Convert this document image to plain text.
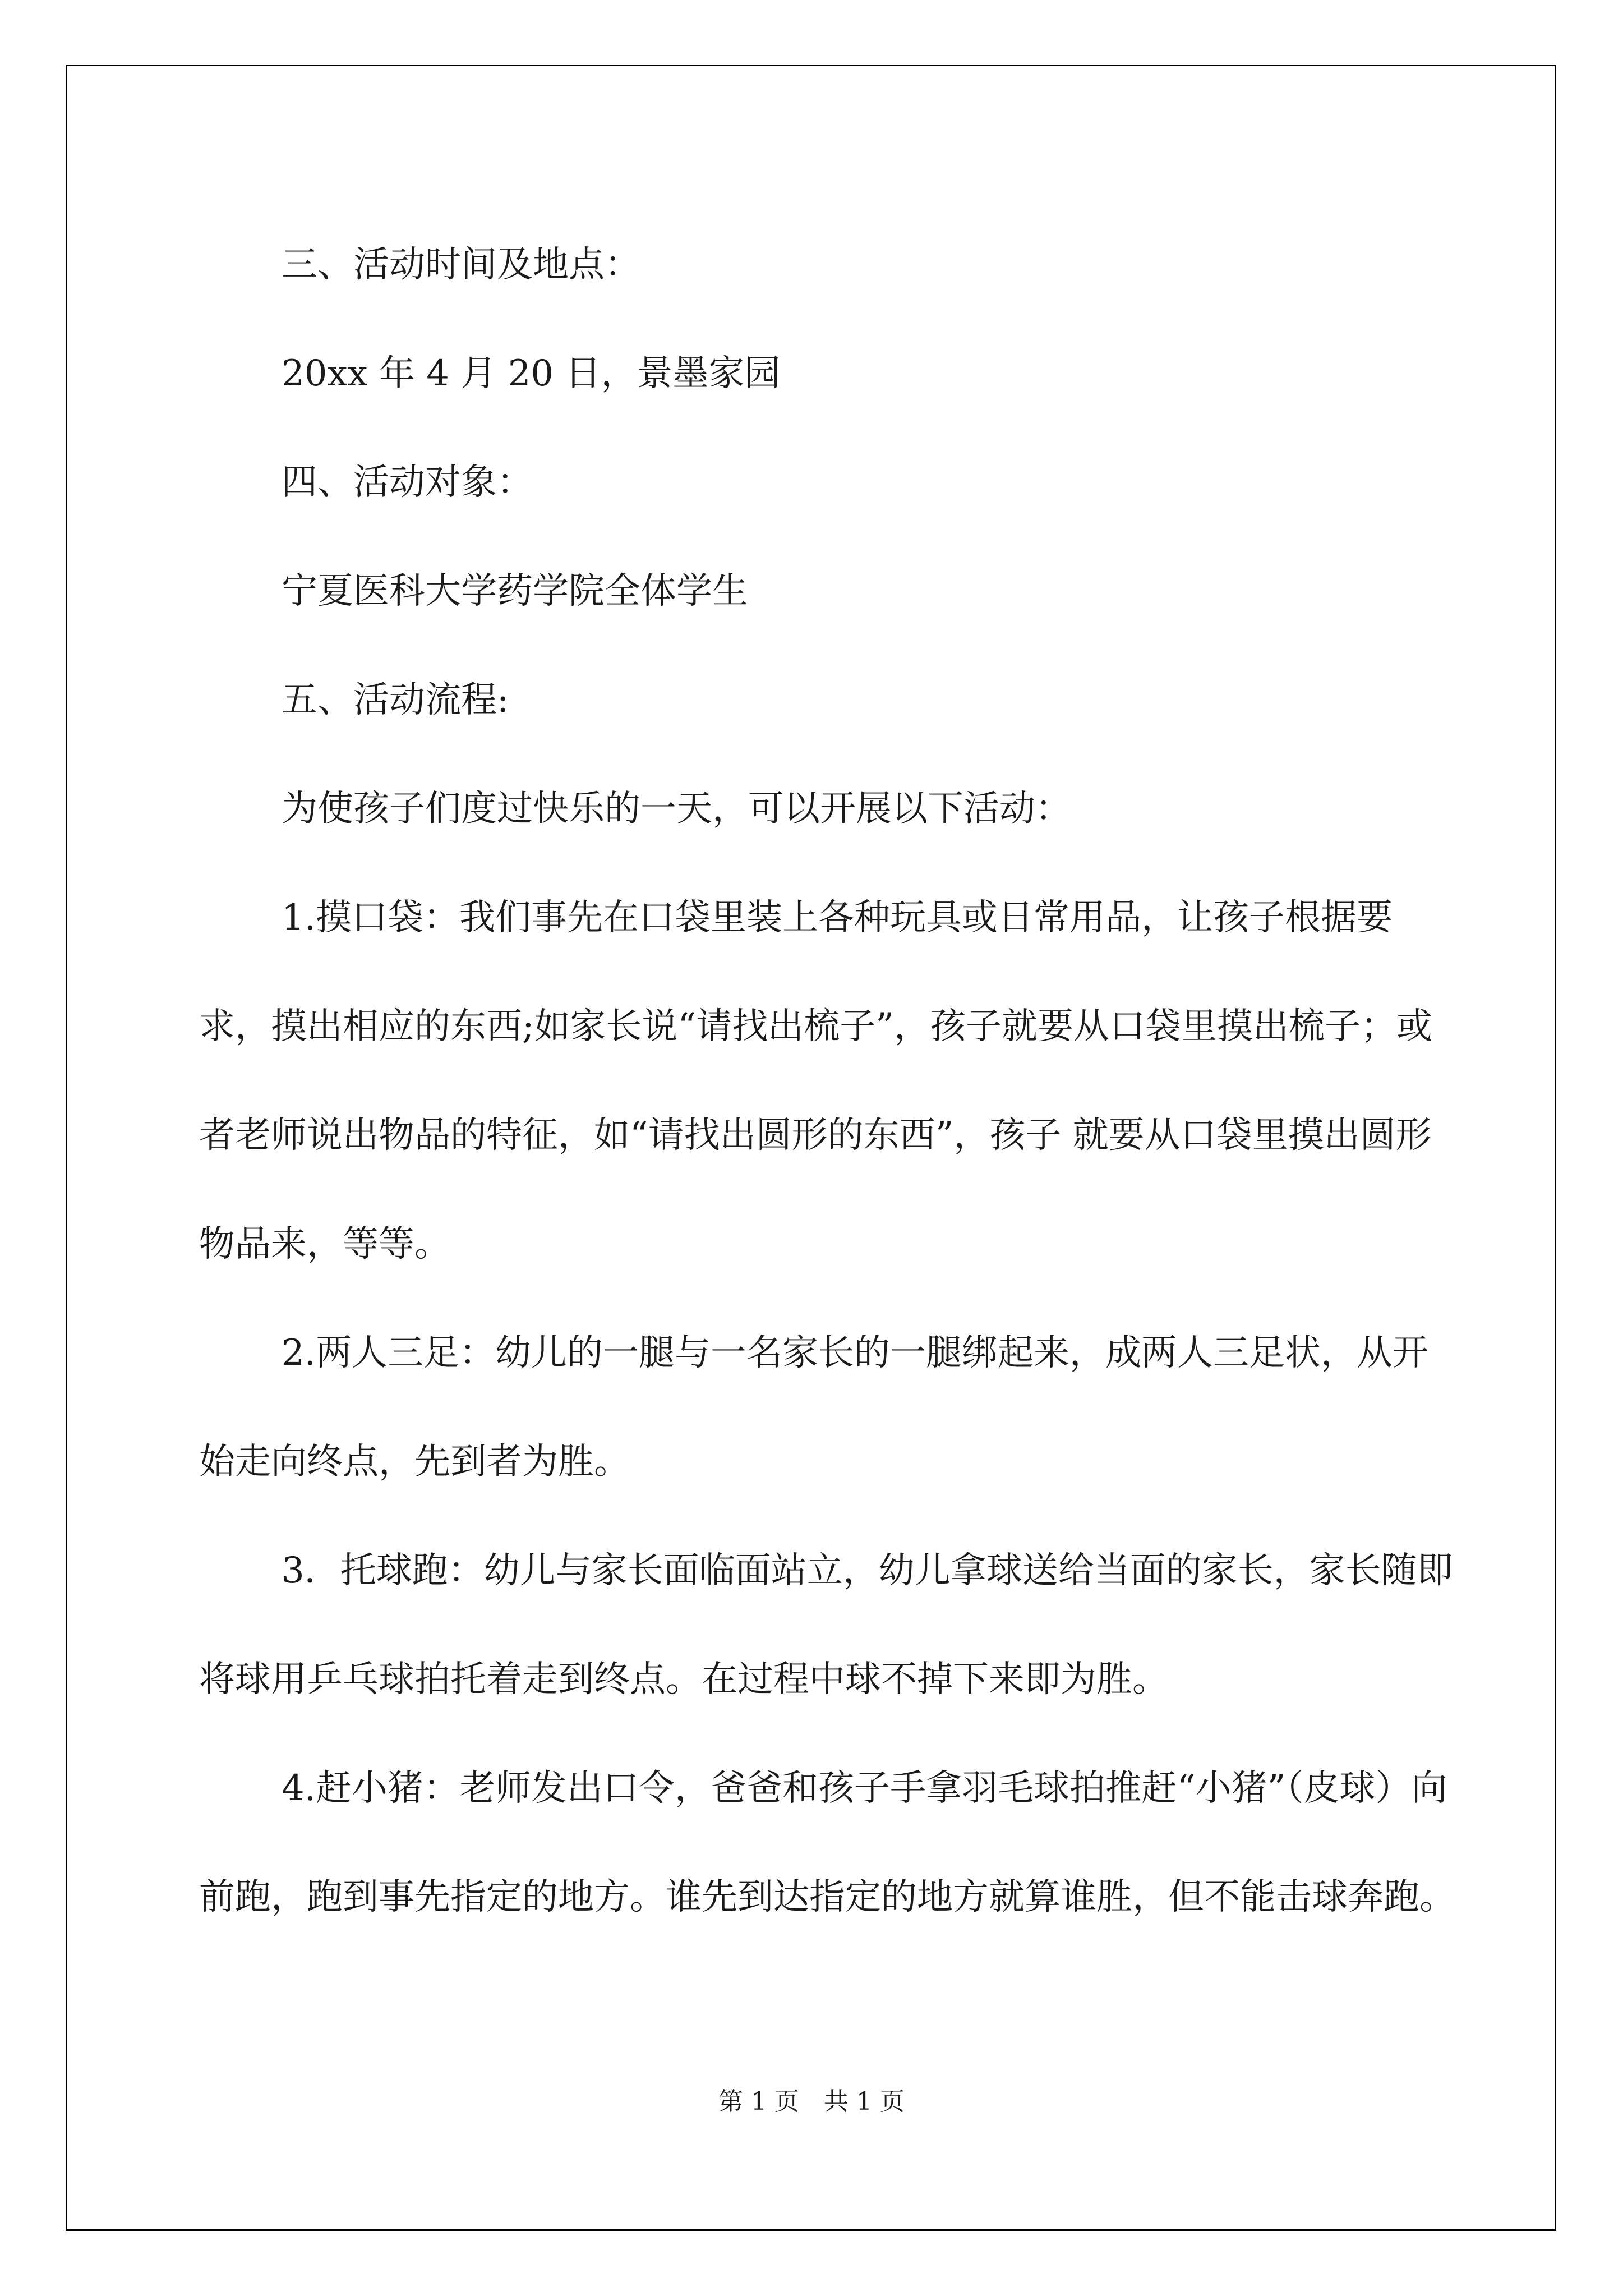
三、活动时间及地点：

20xx 年 4 月 20 日，景墨家园

四、活动对象：

宁夏医科大学药学院全体学生

五、活动流程:

为使孩子们度过快乐的一天，可以开展以下活动：

1.摸口袋：我们事先在口袋里装上各种玩具或日常用品，让孩子根据要求，摸出相应的东西;如家长说“请找出梳子”，孩子就要从口袋里摸出梳子；或者老师说出物品的特征，如“请找出圆形的东西”，孩子 就要从口袋里摸出圆形物品来，等等。

2.两人三足：幼儿的一腿与一名家长的一腿绑起来，成两人三足状，从开始走向终点，先到者为胜。

3．托球跑：幼儿与家长面临面站立，幼儿拿球送给当面的家长，家长随即将球用乒乓球拍托着走到终点。在过程中球不掉下来即为胜。

4.赶小猪：老师发出口令，爸爸和孩子手拿羽毛球拍推赶“小猪”（皮球）向前跑，跑到事先指定的地方。谁先到达指定的地方就算谁胜，但不能击球奔跑。

第 1 页　共 1 页
